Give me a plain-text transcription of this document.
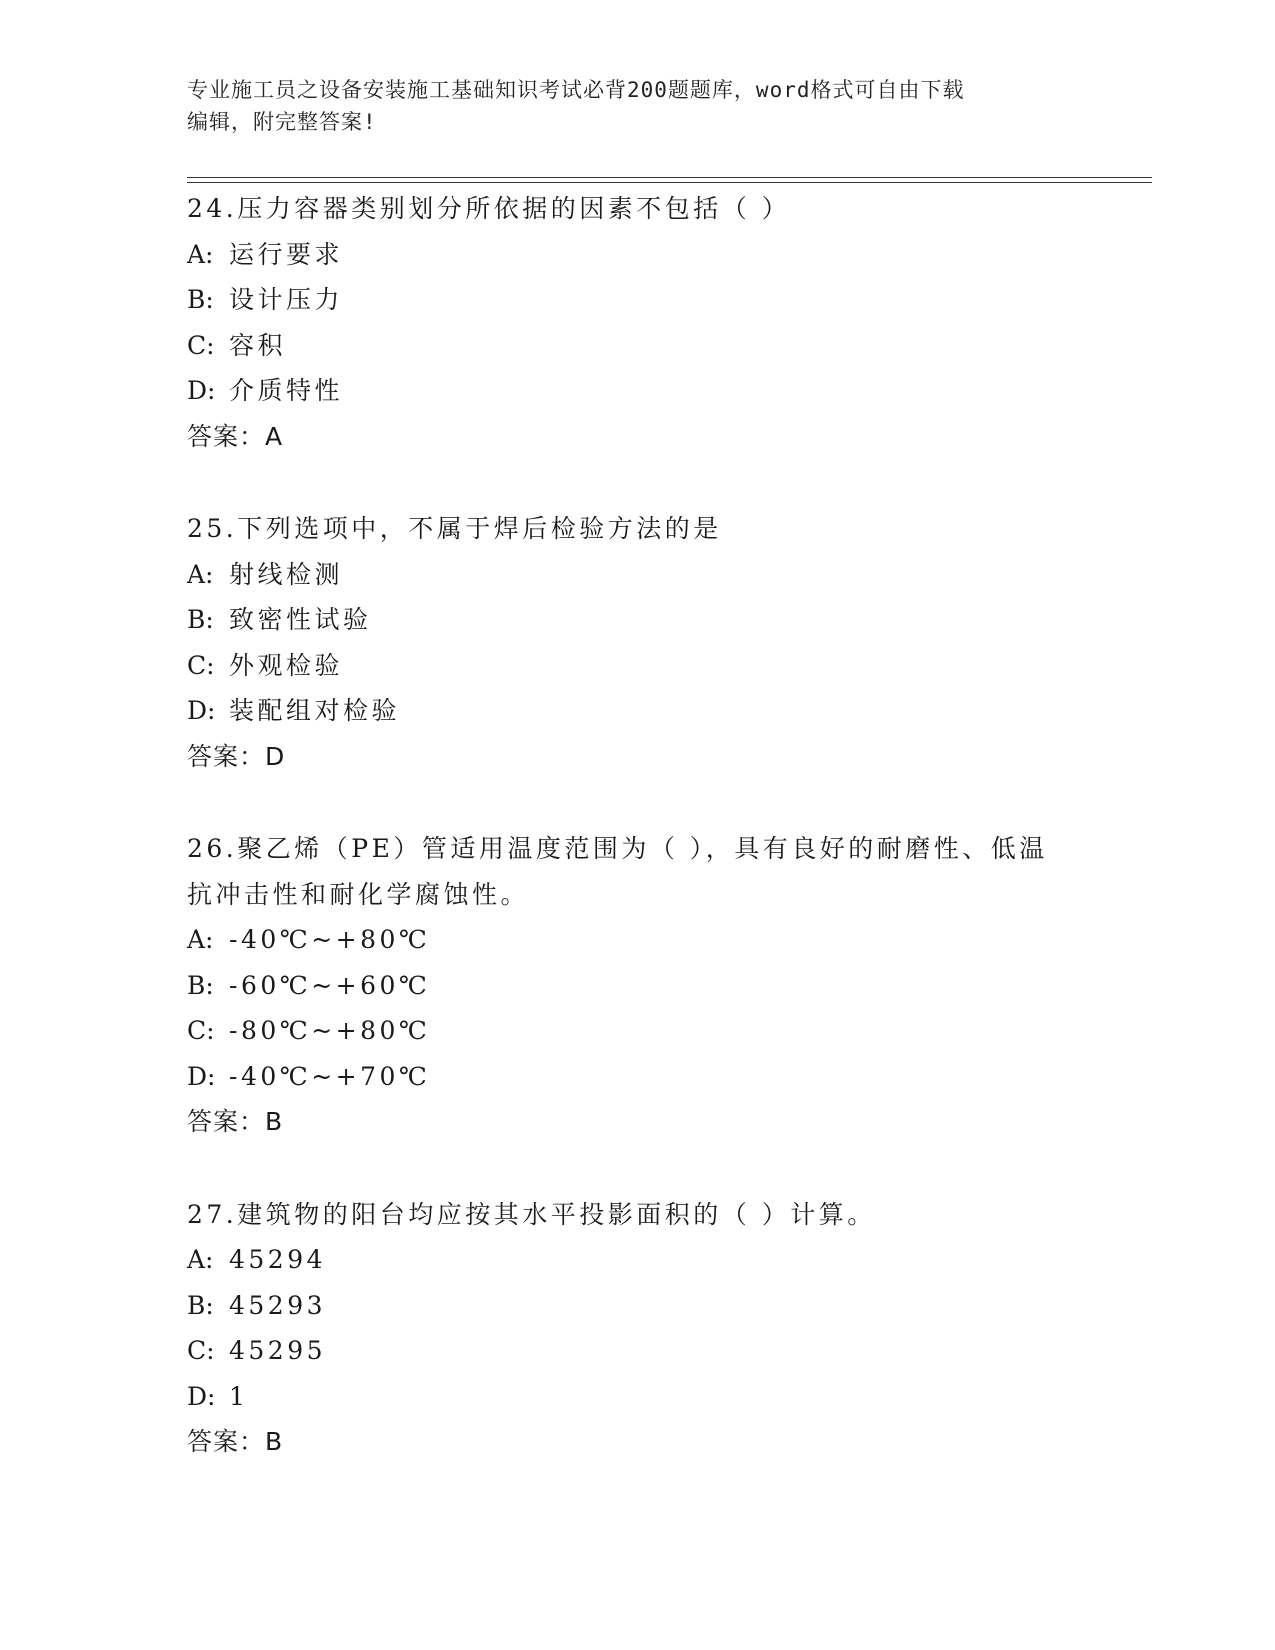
专业施工员之设备安装施工基础知识考试必背200题题库，word格式可自由下载
编辑，附完整答案!
24.压力容器类别划分所依据的因素不包括（ ）
A: 运行要求
B: 设计压力
C: 容积
D: 介质特性
答案：A
25.下列选项中，不属于焊后检验方法的是
A: 射线检测
B: 致密性试验
C: 外观检验
D: 装配组对检验
答案：D
26.聚乙烯（PE）管适用温度范围为（ ），具有良好的耐磨性、低温
抗冲击性和耐化学腐蚀性。
A: -40℃~+80℃
B: -60℃~+60℃
C: -80℃~+80℃
D: -40℃~+70℃
答案：B
27.建筑物的阳台均应按其水平投影面积的（ ）计算。
A: 45294
B: 45293
C: 45295
D: 1
答案：B
